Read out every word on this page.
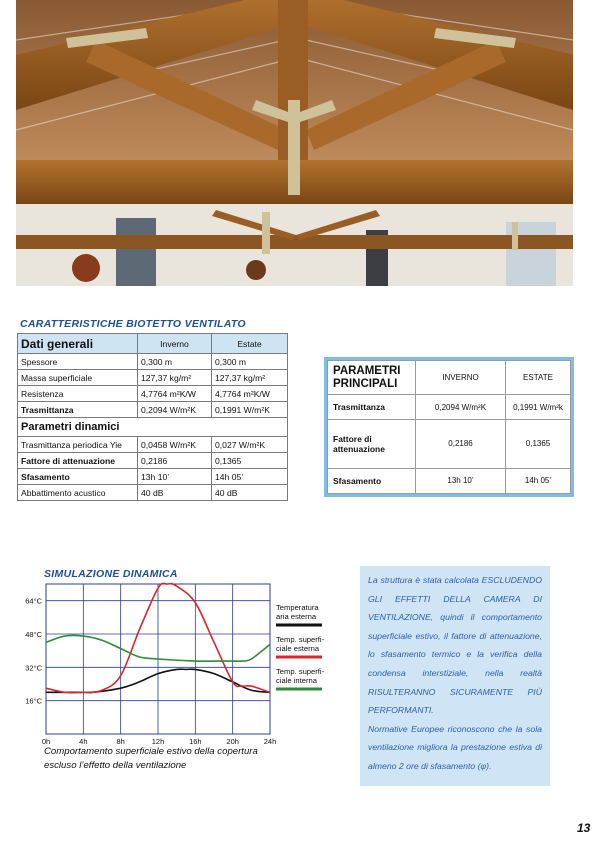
CARATTERISTICHE BIOTETTO VENTILATO
Dati generali	Inverno	Estate
Spessore	0,300 m	0,300 m
Massa superficiale	127,37 kg/m²	127,37 kg/m²
Resistenza	4,7764 m²K/W	4,7764 m²K/W
Trasmittanza	0,2094 W/m²K	0,1991 W/m²K
Parametri dinamici		
Trasmittanza periodica Yie	0,0458 W/m²K	0,027 W/m²K
Fattore di attenuazione	0,2186	0,1365
Sfasamento	13h 10’	14h 05’
Abbattimento acustico	40 dB	40 dB
PARAMETRI
PRINCIPALI	INVERNO	ESTATE
Trasmittanza	0,2094 W/m²K	0,1991 W/m²k
Fattore di
attenuazione	0,2186	0,1365
Sfasamento	13h 10’	14h 05’
SIMULAZIONE DINAMICA
0h	4h	8h	12h	16h	20h	24h
16°C
32°C
48°C
64°C
Temperatura
aria esterna
Temp. superfi-
ciale esterna
Temp. superfi-
ciale interna
Comportamento superficiale estivo della copertura escluso l’effetto della ventilazione
La struttura è stata calcolata ESCLUDENDO GLI EFFETTI DELLA CAMERA DI VENTILAZIONE, quindi il comportamento superficiale estivo, il fattore di attenuazione, lo sfasamento termico e la verifica della condensa interstiziale, nella realtà RISULTERANNO SICURAMENTE PIÙ PERFORMANTI.
Normative Europee riconoscono che la sola ventilazione migliora la prestazione estiva di almeno 2 ore di sfasamento (φ).
13
